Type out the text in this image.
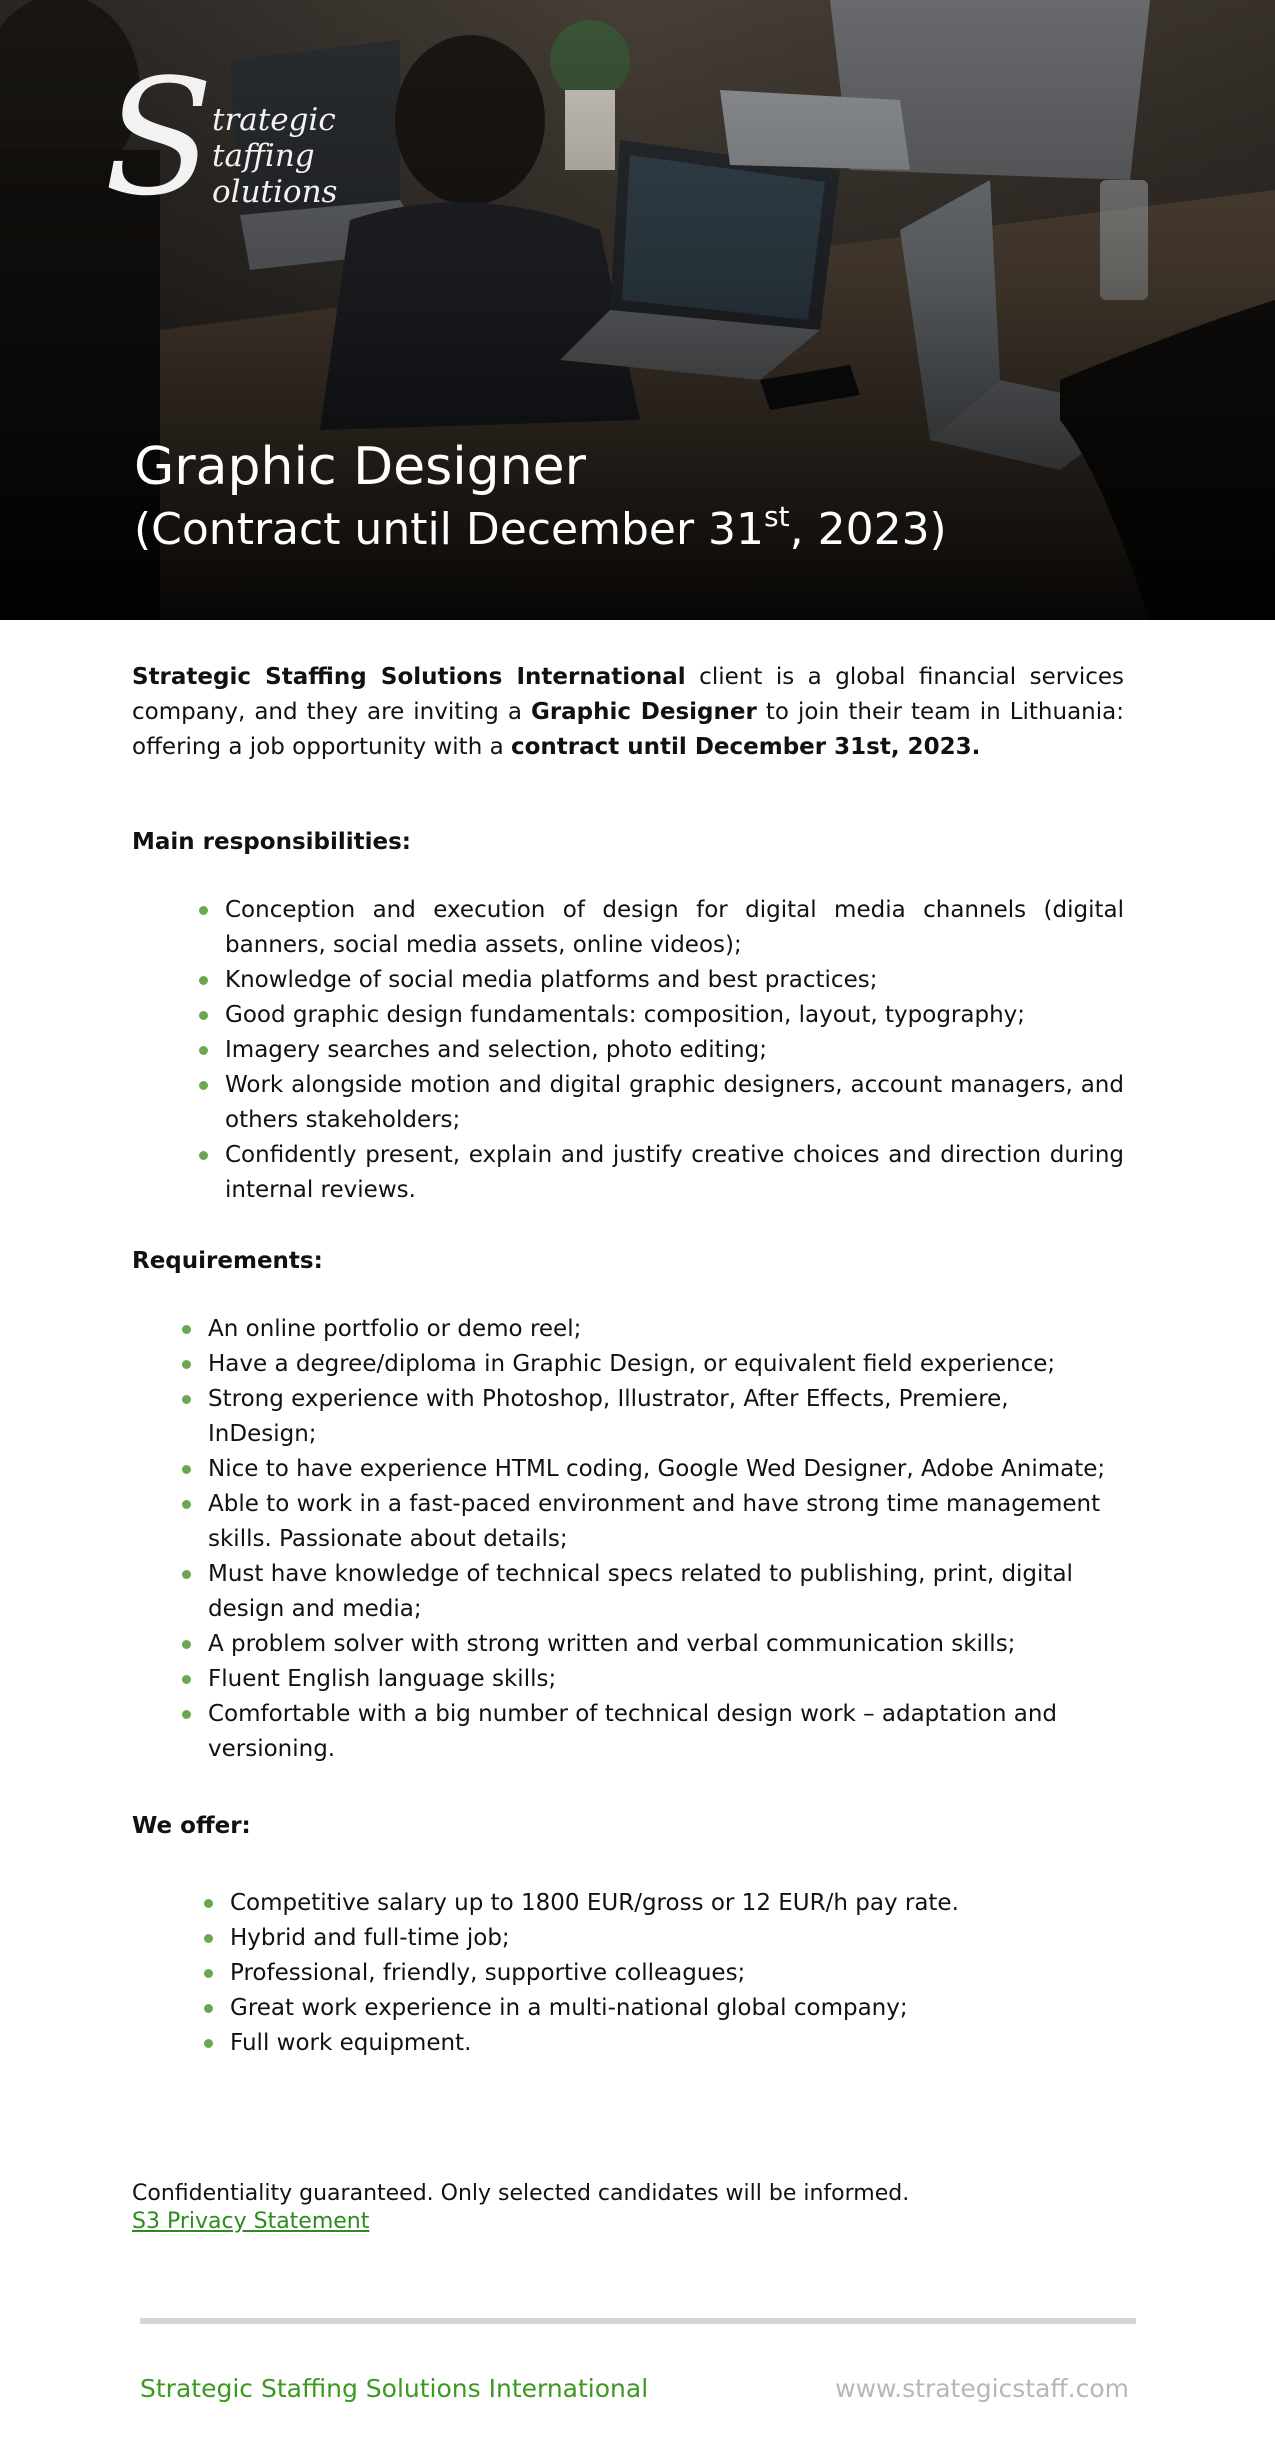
S
trategic
taffing
olutions
Graphic Designer
(Contract until December 31st, 2023)

Strategic Staffing Solutions International client is a global financial services company, and they are inviting a Graphic Designer to join their team in Lithuania: offering a job opportunity with a contract until December 31st, 2023.

Main responsibilities:

Conception and execution of design for digital media channels (digital banners, social media assets, online videos);
Knowledge of social media platforms and best practices;
Good graphic design fundamentals: composition, layout, typography;
Imagery searches and selection, photo editing;
Work alongside motion and digital graphic designers, account managers, and others stakeholders;
Confidently present, explain and justify creative choices and direction during internal reviews.

Requirements:

An online portfolio or demo reel;
Have a degree/diploma in Graphic Design, or equivalent field experience;
Strong experience with Photoshop, Illustrator, After Effects, Premiere, InDesign;
Nice to have experience HTML coding, Google Wed Designer, Adobe Animate;
Able to work in a fast-paced environment and have strong time management skills. Passionate about details;
Must have knowledge of technical specs related to publishing, print, digital design and media;
A problem solver with strong written and verbal communication skills;
Fluent English language skills;
Comfortable with a big number of technical design work – adaptation and versioning.

We offer:

Competitive salary up to 1800 EUR/gross or 12 EUR/h pay rate.
Hybrid and full-time job;
Professional, friendly, supportive colleagues;
Great work experience in a multi-national global company;
Full work equipment.
Confidentiality guaranteed. Only selected candidates will be informed.
S3 Privacy Statement
Strategic Staffing Solutions International	www.strategicstaff.com
